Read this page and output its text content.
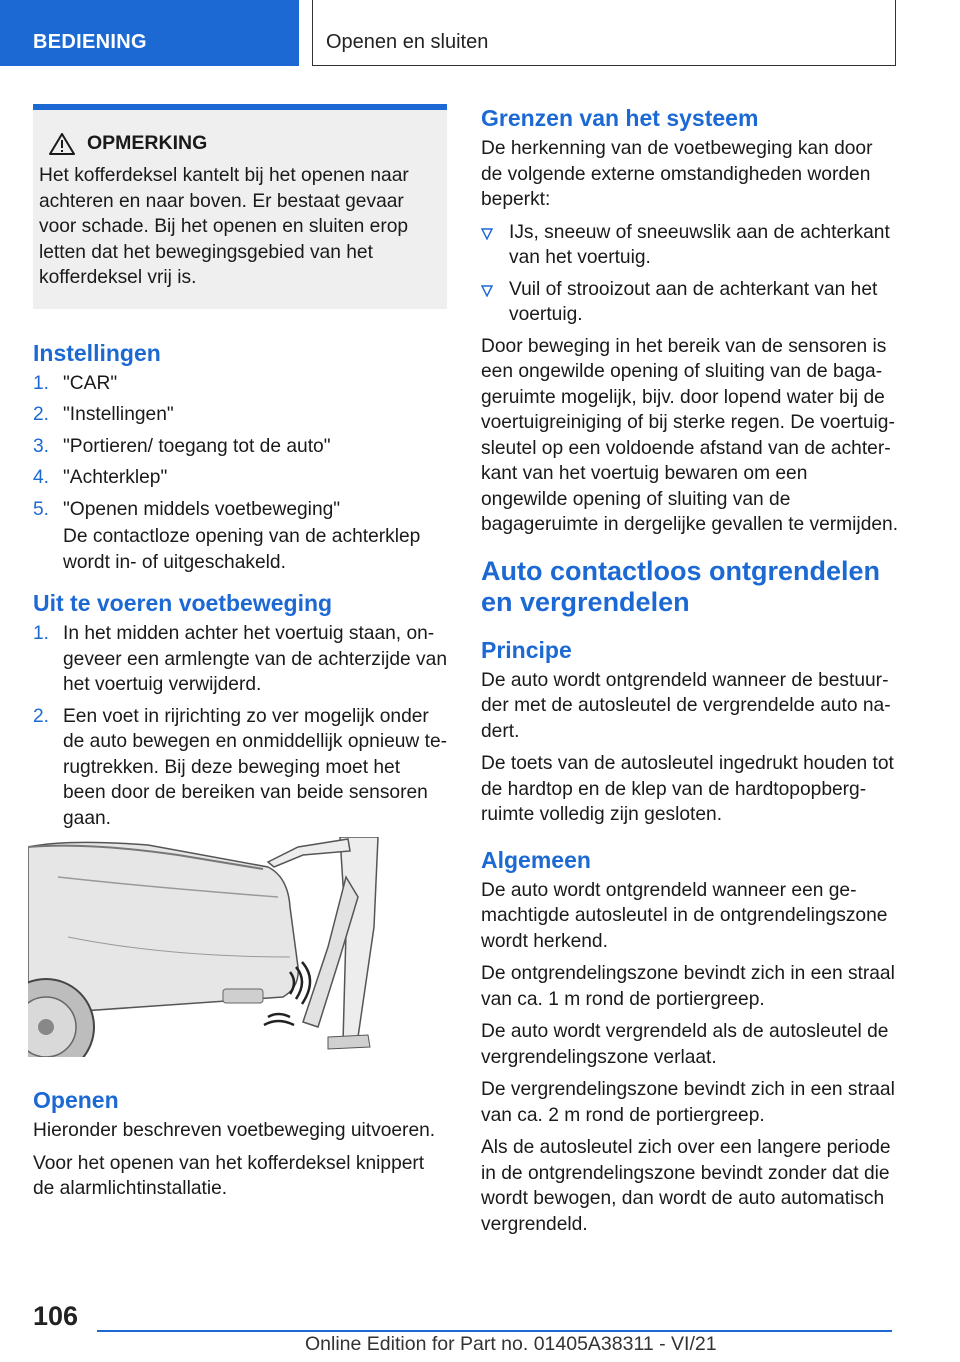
BEDIENING	Openen en sluiten
OPMERKING

Het kofferdeksel kantelt bij het openen naar achteren en naar boven. Er bestaat gevaar voor schade. Bij het openen en sluiten erop letten dat het bewegingsgebied van het kofferdeksel vrij is.

Instellingen
1. "CAR"
2. "Instellingen"
3. "Portieren/ toegang tot de auto"
4. "Achterklep"
5. "Openen middels voetbeweging"
De contactloze opening van de achterklep wordt in- of uitgeschakeld.
Uit te voeren voetbeweging
1. In het midden achter het voertuig staan, ongeveer een armlengte van de achterzijde van het voertuig verwijderd.
2. Een voet in rijrichting zo ver mogelijk onder de auto bewegen en onmiddellijk opnieuw terugtrekken. Bij deze beweging moet het been door de bereiken van beide sensoren gaan.
Openen

Hieronder beschreven voetbeweging uitvoeren.

Voor het openen van het kofferdeksel knippert de alarmlichtinstallatie.

Grenzen van het systeem

De herkenning van de voetbeweging kan door de volgende externe omstandigheden worden beperkt:

IJs, sneeuw of sneeuwslik aan de achterkant van het voertuig.
Vuil of strooizout aan de achterkant van het voertuig.

Door beweging in het bereik van de sensoren is een ongewilde opening of sluiting van de bagageruimte mogelijk, bijv. door lopend water bij de voertuigreiniging of bij sterke regen. De voertuigsleutel op een voldoende afstand van de achterkant van het voertuig bewaren om een ongewilde opening of sluiting van de bagageruimte in dergelijke gevallen te vermijden.

Auto contactloos ontgrendelen en vergrendelen
Principe

De auto wordt ontgrendeld wanneer de bestuurder met de autosleutel de vergrendelde auto nadert.

De toets van de autosleutel ingedrukt houden tot de hardtop en de klep van de hardtopopbergruimte volledig zijn gesloten.

Algemeen

De auto wordt ontgrendeld wanneer een gemachtigde autosleutel in de ontgrendelingszone wordt herkend.

De ontgrendelingszone bevindt zich in een straal van ca. 1 m rond de portiergreep.

De auto wordt vergrendeld als de autosleutel de vergrendelingszone verlaat.

De vergrendelingszone bevindt zich in een straal van ca. 2 m rond de portiergreep.

Als de autosleutel zich over een langere periode in de ontgrendelingszone bevindt zonder dat die wordt bewogen, dan wordt de auto automatisch vergrendeld.

106
Online Edition for Part no. 01405A38311 - VI/21
